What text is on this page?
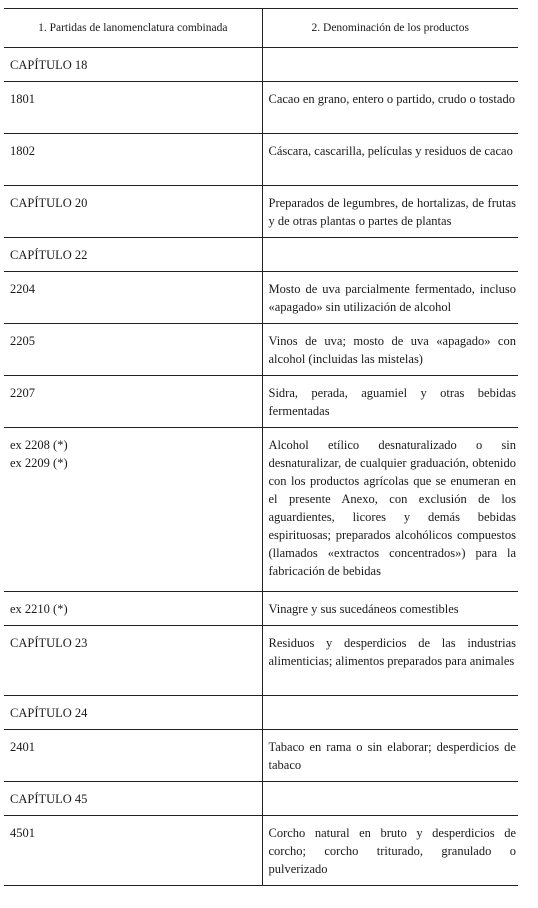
1. Partidas de lanomenclatura combinada	2. Denominación de los productos

CAPÍTULO 18	

1801	Cacao en grano, entero o partido, crudo o tostado

1802	Cáscara, cascarilla, películas y residuos de cacao

CAPÍTULO 20	Preparados de legumbres, de hortalizas, de frutas y de otras plantas o partes de plantas

CAPÍTULO 22	

2204	Mosto de uva parcialmente fermentado, incluso «apagado» sin utilización de alcohol

2205	Vinos de uva; mosto de uva «apagado» con alcohol (incluidas las mistelas)

2207	Sidra, perada, aguamiel y otras bebidas fermentadas

ex 2208 (*)
ex 2209 (*)	Alcohol etílico desnaturalizado o sin desnaturalizar, de cualquier graduación, obtenido con los productos agrícolas que se enumeran en el presente Anexo, con exclusión de los aguardientes, licores y demás bebidas espirituosas; preparados alcohólicos compuestos (llamados «extractos concentrados») para la fabricación de bebidas

ex 2210 (*)	Vinagre y sus sucedáneos comestibles

CAPÍTULO 23	Residuos y desperdicios de las industrias alimenticias; alimentos preparados para animales

CAPÍTULO 24	

2401	Tabaco en rama o sin elaborar; desperdicios de tabaco

CAPÍTULO 45	

4501	Corcho natural en bruto y desperdicios de corcho; corcho triturado, granulado o pulverizado
